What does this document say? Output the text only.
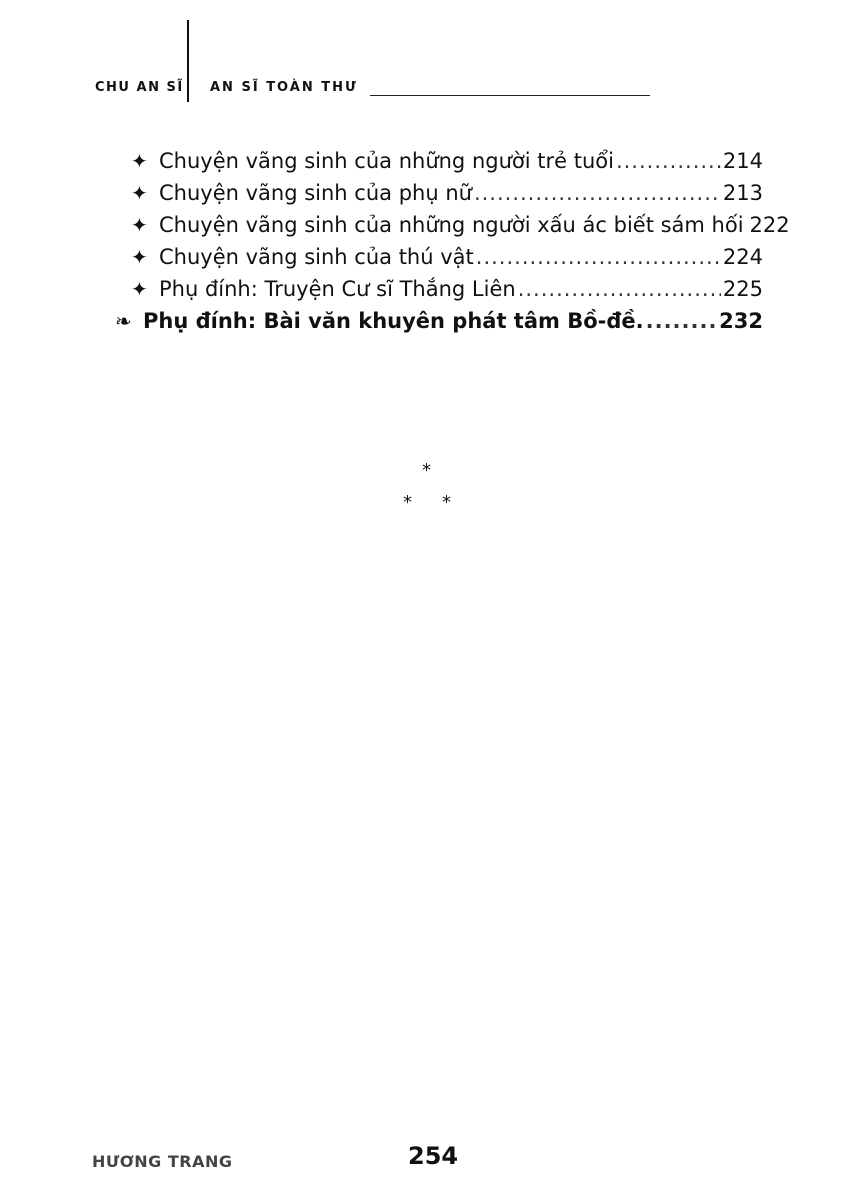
CHU AN SĨ AN SĨ TOÀN THƯ
✦ Chuyện vãng sinh của những người trẻ tuổi .....	214
✦ Chuyện vãng sinh của phụ nữ .....	213
✦ Chuyện vãng sinh của những người xấu ác biết sám hối 222
✦ Chuyện vãng sinh của thú vật .....	224
✦ Phụ đính: Truyện Cư sĩ Thắng Liên .....	225
❧ Phụ đính: Bài văn khuyên phát tâm Bồ-đề. .....	232
*
* *
HƯƠNG TRANG	254
